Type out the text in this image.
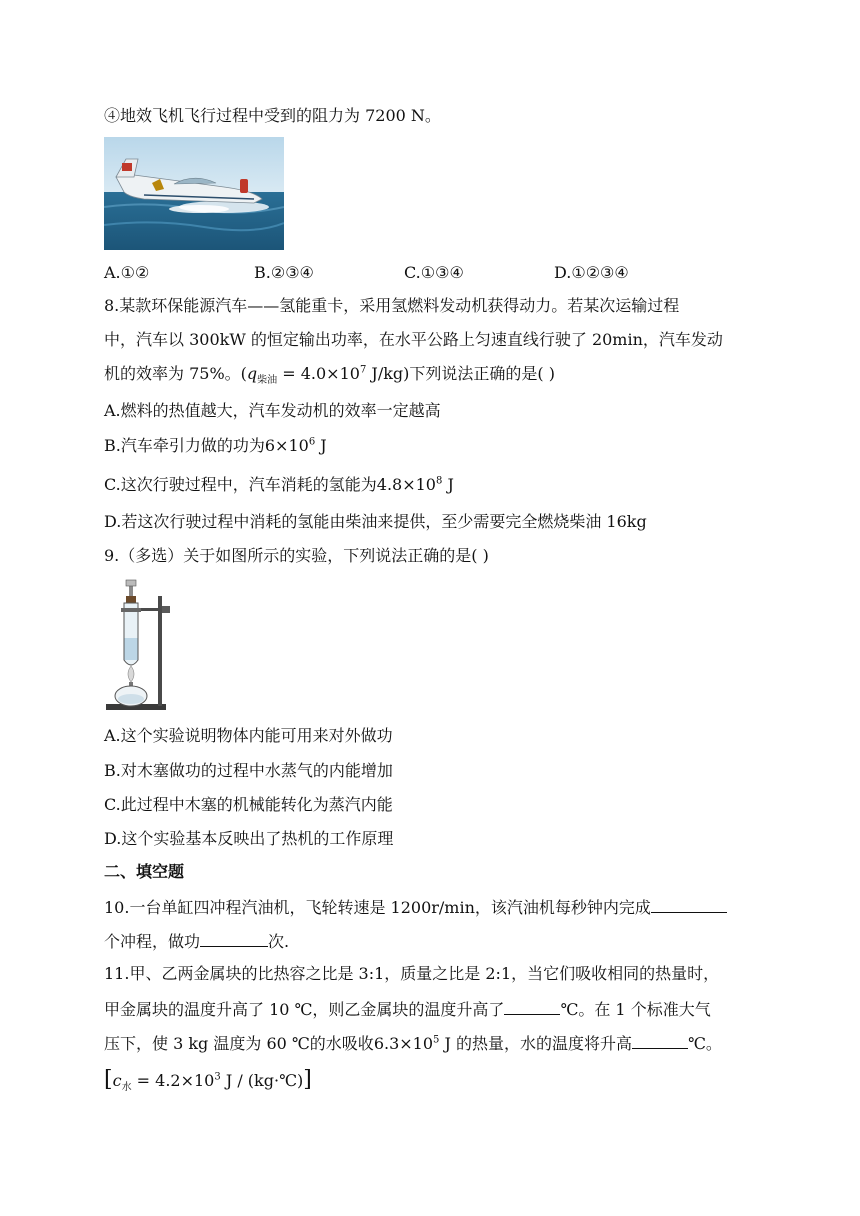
④地效飞机飞行过程中受到的阻力为 7200 N。
A.①②	B.②③④	C.①③④	D.①②③④
8.某款环保能源汽车——氢能重卡，采用氢燃料发动机获得动力。若某次运输过程
中，汽车以 300kW 的恒定输出功率，在水平公路上匀速直线行驶了 20min，汽车发动
机的效率为 75%。($q_{柴油} = 4.0\times 10^7$ J/kg)下列说法正确的是( )
A.燃料的热值越大，汽车发动机的效率一定越高
B.汽车牵引力做的功为$6\times 10^6$ J
C.这次行驶过程中，汽车消耗的氢能为$4.8\times 10^8$ J
D.若这次行驶过程中消耗的氢能由柴油来提供，至少需要完全燃烧柴油 16kg
9.（多选）关于如图所示的实验，下列说法正确的是( )
A.这个实验说明物体内能可用来对外做功
B.对木塞做功的过程中水蒸气的内能增加
C.此过程中木塞的机械能转化为蒸汽内能
D.这个实验基本反映出了热机的工作原理
二、填空题
10.一台单缸四冲程汽油机，飞轮转速是 1200r/min，该汽油机每秒钟内完成
个冲程，做功	次.
11.甲、乙两金属块的比热容之比是 3:1，质量之比是 2:1，当它们吸收相同的热量时，
甲金属块的温度升高了 10 ℃，则乙金属块的温度升高了	℃。在 1 个标准大气
压下，使 3 kg 温度为 60 ℃的水吸收$6.3\times 10^5$ J 的热量，水的温度将升高	℃。
[$c_水 = 4.2\times 10^3$ J / (kg·℃)]
